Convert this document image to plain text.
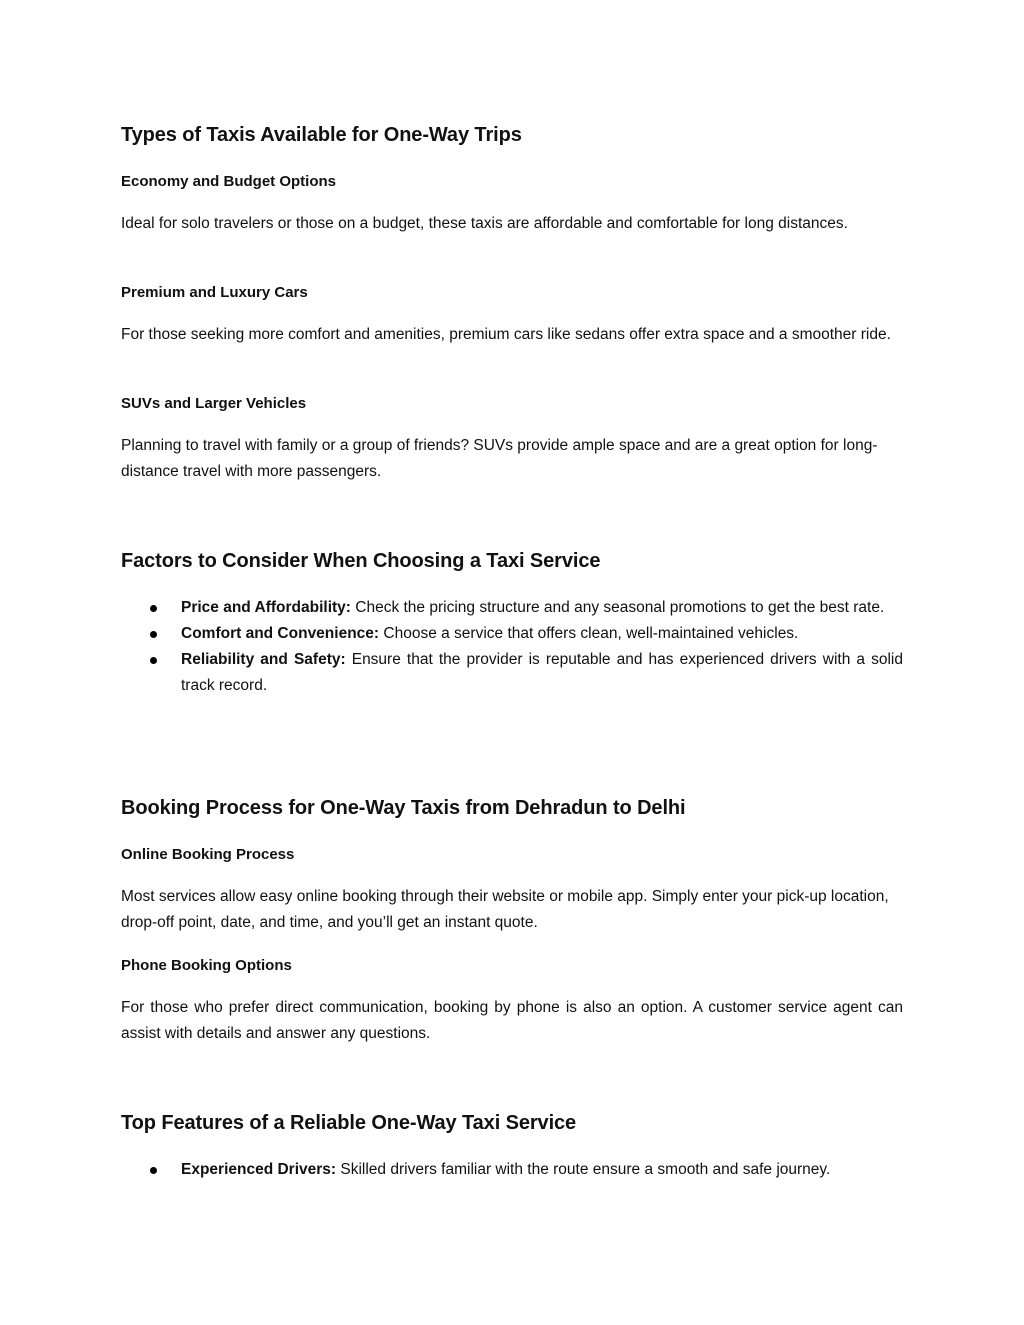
Types of Taxis Available for One-Way Trips
Economy and Budget Options

Ideal for solo travelers or those on a budget, these taxis are affordable and comfortable for long distances.

Premium and Luxury Cars

For those seeking more comfort and amenities, premium cars like sedans offer extra space and a smoother ride.

SUVs and Larger Vehicles

Planning to travel with family or a group of friends? SUVs provide ample space and are a great option for long-distance travel with more passengers.

Factors to Consider When Choosing a Taxi Service
Price and Affordability: Check the pricing structure and any seasonal promotions to get the best rate.
Comfort and Convenience: Choose a service that offers clean, well-maintained vehicles.
Reliability and Safety: Ensure that the provider is reputable and has experienced drivers with a solid track record.
Booking Process for One-Way Taxis from Dehradun to Delhi
Online Booking Process

Most services allow easy online booking through their website or mobile app. Simply enter your pick-up location, drop-off point, date, and time, and you’ll get an instant quote.

Phone Booking Options

For those who prefer direct communication, booking by phone is also an option. A customer service agent can assist with details and answer any questions.

Top Features of a Reliable One-Way Taxi Service
Experienced Drivers: Skilled drivers familiar with the route ensure a smooth and safe journey.
